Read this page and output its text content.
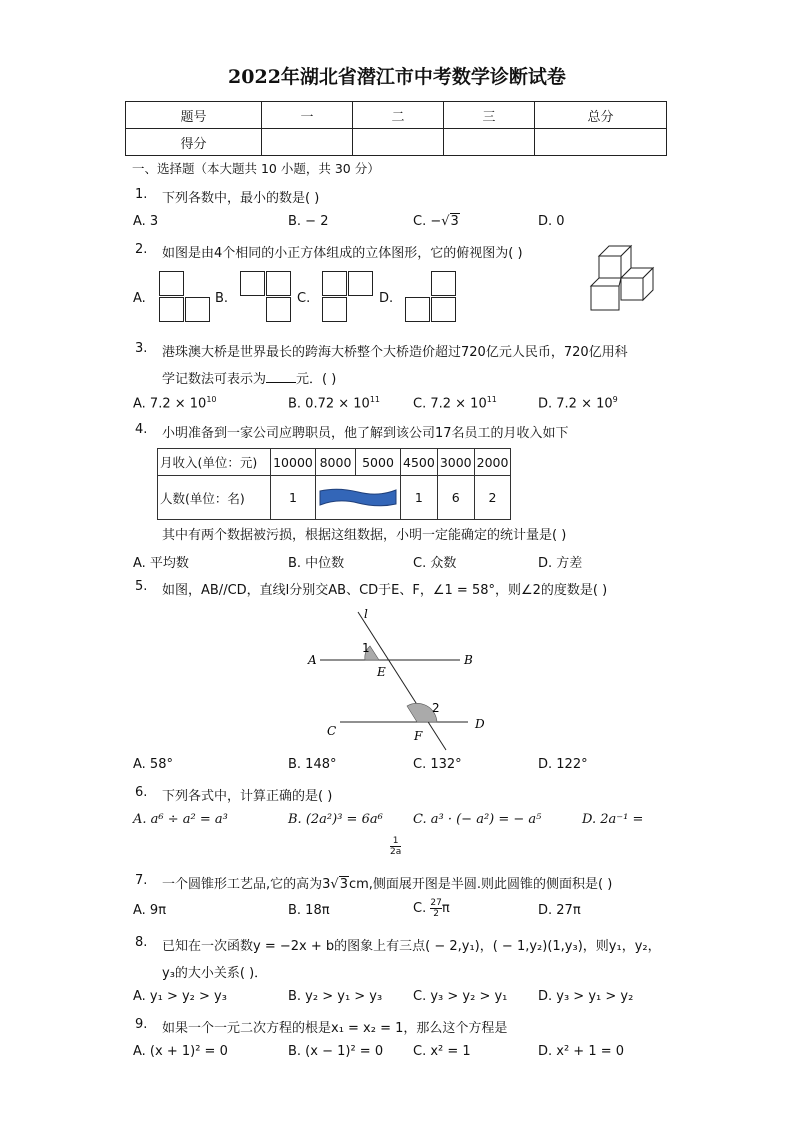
2022年湖北省潜江市中考数学诊断试卷
题号	一	二	三	总分
得分				
一、选择题（本大题共 10 小题，共 30 分）
1. 下列各数中，最小的数是( )
A. 3	B. − 2	C. −√3	D. 0
2. 如图是由4个相同的小正方体组成的立体图形，它的俯视图为( )
A.	B.	C.	D.
3. 港珠澳大桥是世界最长的跨海大桥整个大桥造价超过720亿元人民币，720亿用科
学记数法可表示为 元．( )
A. $7.2 \times 10^{10}$	B. $0.72 \times 10^{11}$	C. $7.2 \times 10^{11}$	D. $7.2 \times 10^9$
4. 小明准备到一家公司应聘职员，他了解到该公司17名员工的月收入如下
月收入(单位：元)	10000	8000	5000	4500	3000	2000
人数(单位：名)	1			1	6	2
其中有两个数据被污损，根据这组数据，小明一定能确定的统计量是( )
A. 平均数	B. 中位数	C. 众数	D. 方差
5. 如图，AB//CD，直线l分别交AB、CD于E、F，∠1 = 58°，则∠2的度数是( )
l
A	B
1
E
C
2
D
F
A. 58°	B. 148°	C. 132°	D. 122°
6. 下列各式中，计算正确的是( )
A. a⁶ ÷ a² = a³	B. (2a²)³ = 6a⁶ C. a³ · (− a²) = − a⁵	D. 2a⁻¹ =
$\frac{1}{2a}$
7. 一个圆锥形工艺品,它的高为3√3cm,侧面展开图是半圆.则此圆锥的侧面积是( )
A. 9π	B. 18π	C. $\frac{27}{2}$ π	D. 27π
8. 已知在一次函数y = −2x + b的图象上有三点( − 2,y₁)，( − 1,y₂)(1,y₃)，则y₁，y₂，
y₃的大小关系( )．
A. y₁ > y₂ > y₃	B. y₂ > y₁ > y₃ C. y₃ > y₂ > y₁ D. y₃ > y₁ > y₂
9. 如果一个一元二次方程的根是x₁ = x₂ = 1，那么这个方程是
A. (x + 1)² = 0	B. (x − 1)² = 0 C. x² = 1	D. x² + 1 = 0
